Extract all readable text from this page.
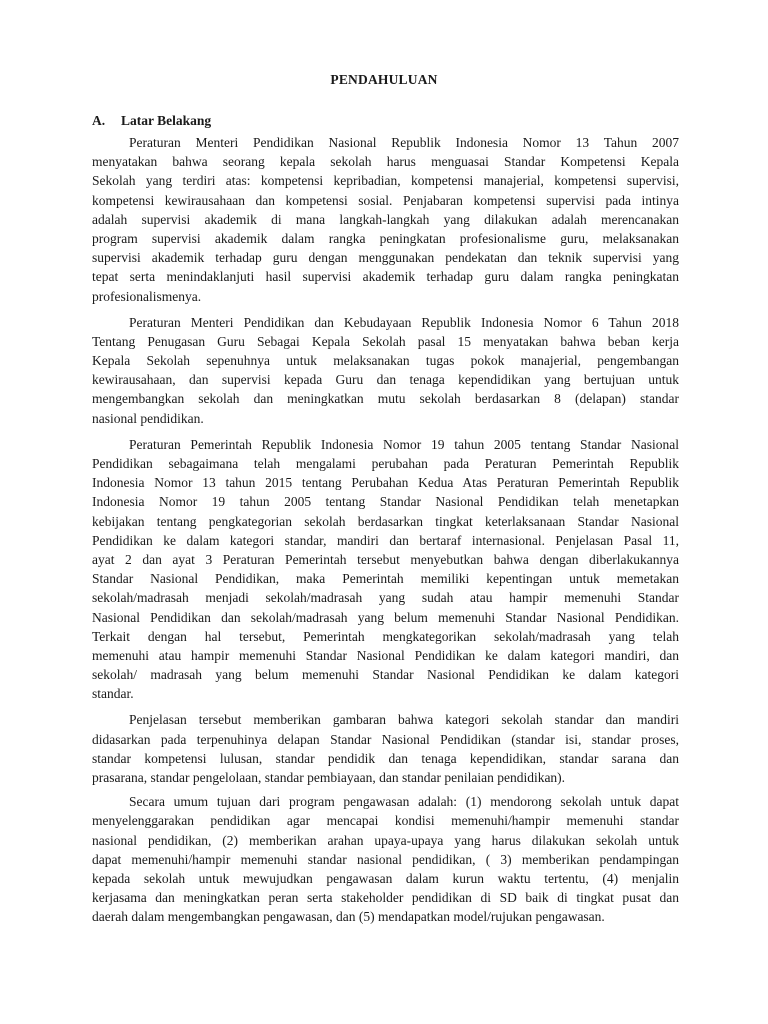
PENDAHULUAN
A. Latar Belakang
Peraturan Menteri Pendidikan Nasional Republik Indonesia Nomor 13 Tahun 2007
menyatakan bahwa seorang kepala sekolah harus menguasai Standar Kompetensi Kepala
Sekolah yang terdiri atas: kompetensi kepribadian, kompetensi manajerial, kompetensi supervisi,
kompetensi kewirausahaan dan kompetensi sosial. Penjabaran kompetensi supervisi pada intinya
adalah supervisi akademik di mana langkah-langkah yang dilakukan adalah merencanakan
program supervisi akademik dalam rangka peningkatan profesionalisme guru, melaksanakan
supervisi akademik terhadap guru dengan menggunakan pendekatan dan teknik supervisi yang
tepat serta menindaklanjuti hasil supervisi akademik terhadap guru dalam rangka peningkatan
profesionalismenya.
Peraturan Menteri Pendidikan dan Kebudayaan Republik Indonesia Nomor 6 Tahun 2018
Tentang Penugasan Guru Sebagai Kepala Sekolah pasal 15 menyatakan bahwa beban kerja
Kepala Sekolah sepenuhnya untuk melaksanakan tugas pokok manajerial, pengembangan
kewirausahaan, dan supervisi kepada Guru dan tenaga kependidikan yang bertujuan untuk
mengembangkan sekolah dan meningkatkan mutu sekolah berdasarkan 8 (delapan) standar
nasional pendidikan.
Peraturan Pemerintah Republik Indonesia Nomor 19 tahun 2005 tentang Standar Nasional
Pendidikan sebagaimana telah mengalami perubahan pada Peraturan Pemerintah Republik
Indonesia Nomor 13 tahun 2015 tentang Perubahan Kedua Atas Peraturan Pemerintah Republik
Indonesia Nomor 19 tahun 2005 tentang Standar Nasional Pendidikan telah menetapkan
kebijakan tentang pengkategorian sekolah berdasarkan tingkat keterlaksanaan Standar Nasional
Pendidikan ke dalam kategori standar, mandiri dan bertaraf internasional. Penjelasan Pasal 11,
ayat 2 dan ayat 3 Peraturan Pemerintah tersebut menyebutkan bahwa dengan diberlakukannya
Standar Nasional Pendidikan, maka Pemerintah memiliki kepentingan untuk memetakan
sekolah/madrasah menjadi sekolah/madrasah yang sudah atau hampir memenuhi Standar
Nasional Pendidikan dan sekolah/madrasah yang belum memenuhi Standar Nasional Pendidikan.
Terkait dengan hal tersebut, Pemerintah mengkategorikan sekolah/madrasah yang telah
memenuhi atau hampir memenuhi Standar Nasional Pendidikan ke dalam kategori mandiri, dan
sekolah/ madrasah yang belum memenuhi Standar Nasional Pendidikan ke dalam kategori
standar.
Penjelasan tersebut memberikan gambaran bahwa kategori sekolah standar dan mandiri
didasarkan pada terpenuhinya delapan Standar Nasional Pendidikan (standar isi, standar proses,
standar kompetensi lulusan, standar pendidik dan tenaga kependidikan, standar sarana dan
prasarana, standar pengelolaan, standar pembiayaan, dan standar penilaian pendidikan).
Secara umum tujuan dari program pengawasan adalah: (1) mendorong sekolah untuk dapat
menyelenggarakan pendidikan agar mencapai kondisi memenuhi/hampir memenuhi standar
nasional pendidikan, (2) memberikan arahan upaya-upaya yang harus dilakukan sekolah untuk
dapat memenuhi/hampir memenuhi standar nasional pendidikan, ( 3) memberikan pendampingan
kepada sekolah untuk mewujudkan pengawasan dalam kurun waktu tertentu, (4) menjalin
kerjasama dan meningkatkan peran serta stakeholder pendidikan di SD baik di tingkat pusat dan
daerah dalam mengembangkan pengawasan, dan (5) mendapatkan model/rujukan pengawasan.
